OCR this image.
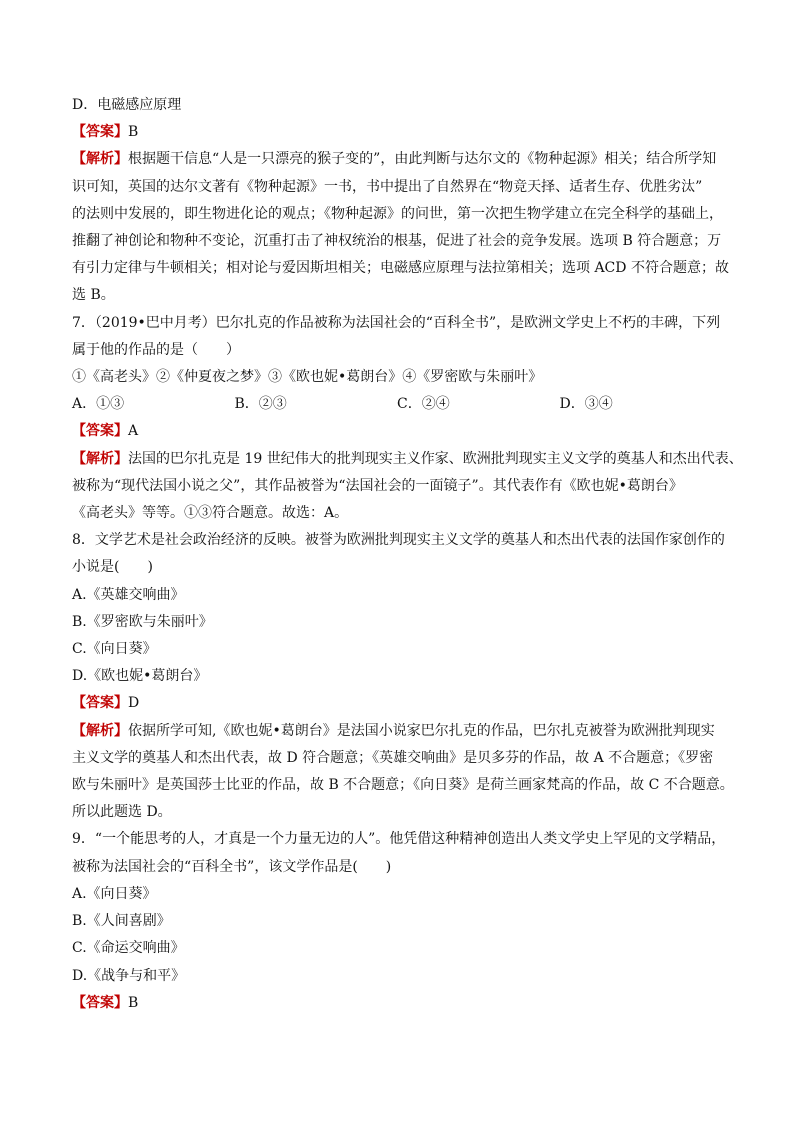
D．电磁感应原理
【答案】B
【解析】根据题干信息“人是一只漂亮的猴子变的”，由此判断与达尔文的《物种起源》相关；结合所学知
识可知，英国的达尔文著有《物种起源》一书，书中提出了自然界在“物竞天择、适者生存、优胜劣汰”
的法则中发展的，即生物进化论的观点；《物种起源》的问世，第一次把生物学建立在完全科学的基础上，
推翻了神创论和物种不变论，沉重打击了神权统治的根基，促进了社会的竞争发展。选项 B 符合题意；万
有引力定律与牛顿相关；相对论与爱因斯坦相关；电磁感应原理与法拉第相关；选项 ACD 不符合题意；故
选 B。
7．（2019•巴中月考）巴尔扎克的作品被称为法国社会的“百科全书”，是欧洲文学史上不朽的丰碑，下列
属于他的作品的是（　　）
①《高老头》②《仲夏夜之梦》③《欧也妮•葛朗台》④《罗密欧与朱丽叶》
A．①③	B．②③	C．②④	D．③④
【答案】A
【解析】法国的巴尔扎克是 19 世纪伟大的批判现实主义作家、欧洲批判现实主义文学的奠基人和杰出代表、
被称为“现代法国小说之父”，其作品被誉为“法国社会的一面镜子”。其代表作有《欧也妮•葛朗台》
《高老头》等等。①③符合题意。故选：A。
8．文学艺术是社会政治经济的反映。被誉为欧洲批判现实主义文学的奠基人和杰出代表的法国作家创作的
小说是(　　)
A.《英雄交响曲》
B.《罗密欧与朱丽叶》
C.《向日葵》
D.《欧也妮•葛朗台》
【答案】D
【解析】依据所学可知,《欧也妮•葛朗台》是法国小说家巴尔扎克的作品，巴尔扎克被誉为欧洲批判现实
主义文学的奠基人和杰出代表，故 D 符合题意；《英雄交响曲》是贝多芬的作品，故 A 不合题意；《罗密
欧与朱丽叶》是英国莎士比亚的作品，故 B 不合题意；《向日葵》是荷兰画家梵高的作品，故 C 不合题意。
所以此题选 D。
9．“一个能思考的人，才真是一个力量无边的人”。他凭借这种精神创造出人类文学史上罕见的文学精品，
被称为法国社会的“百科全书”，该文学作品是(　　)
A.《向日葵》
B.《人间喜剧》
C.《命运交响曲》
D.《战争与和平》
【答案】B
